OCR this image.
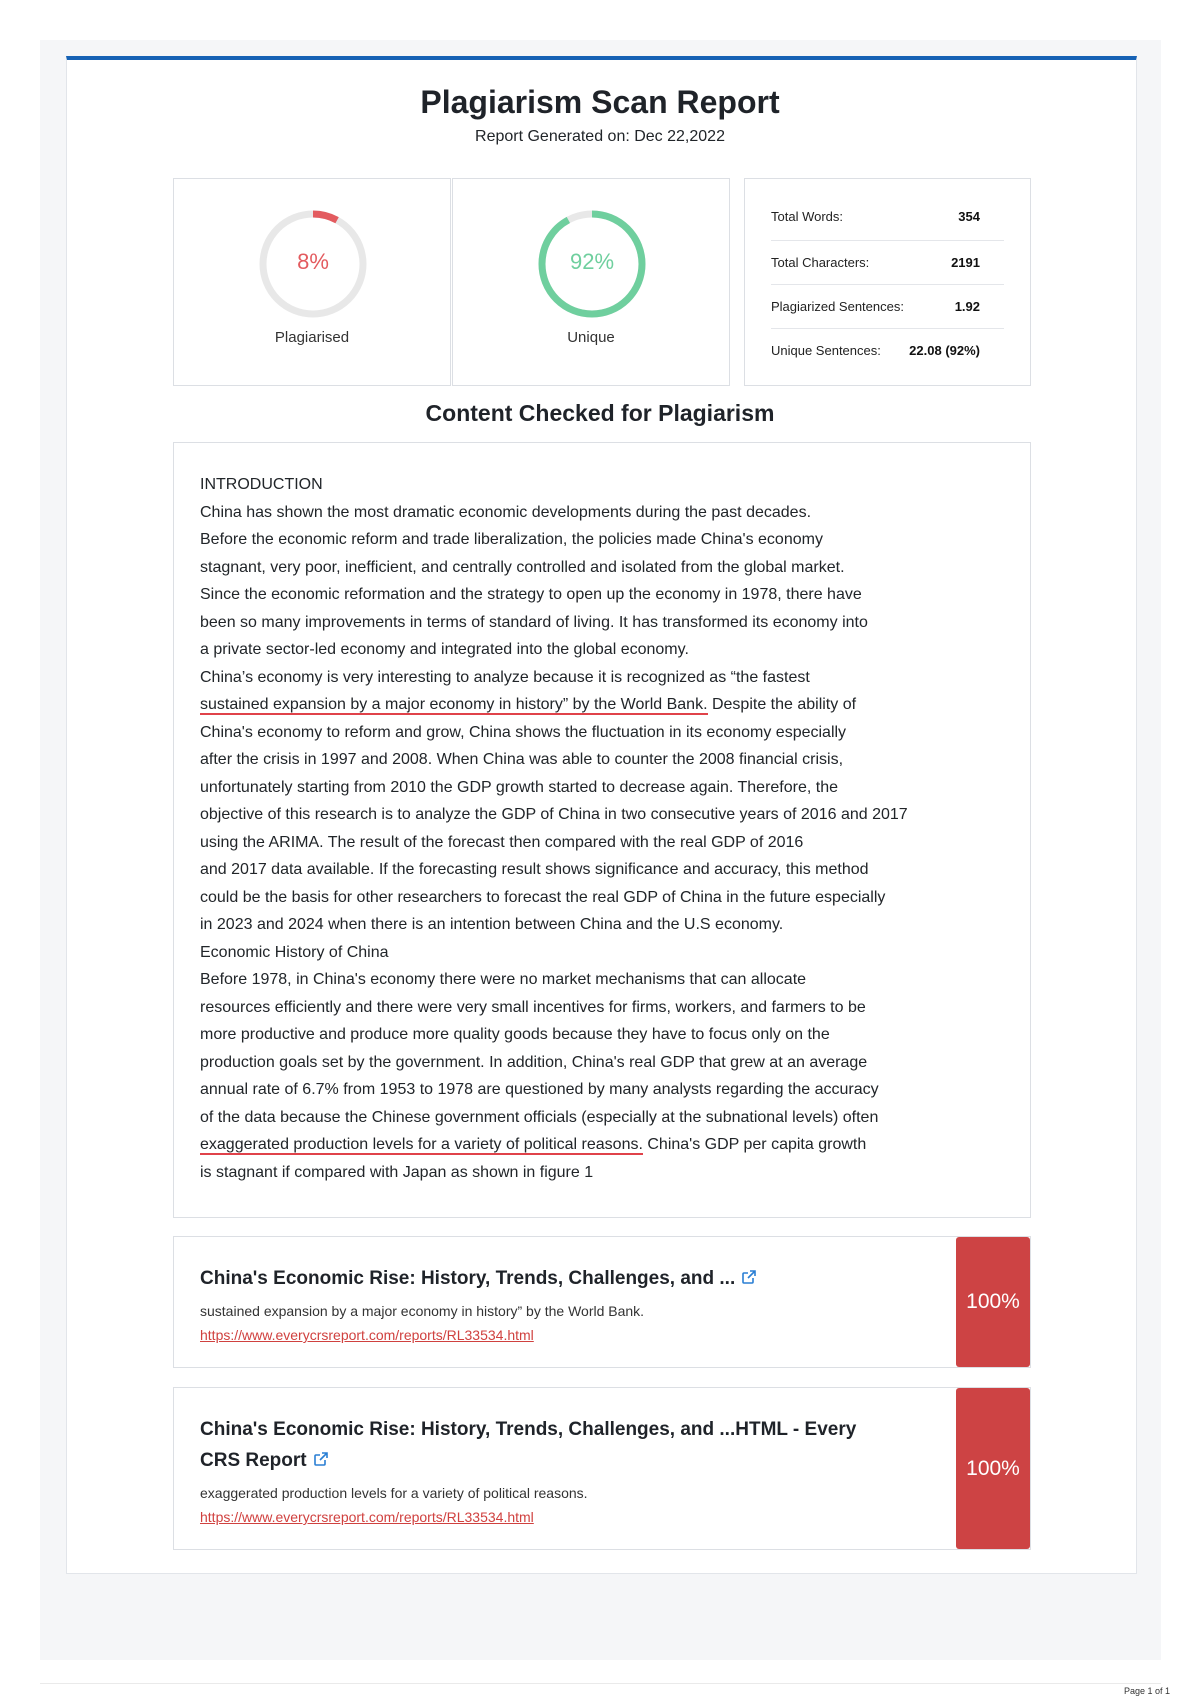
Plagiarism Scan Report
Report Generated on: Dec 22,2022
8%
Plagiarised
92%
Unique
Total Words:	354
Total Characters:	2191
Plagiarized Sentences:	1.92
Unique Sentences: 22.08 (92%)
Content Checked for Plagiarism

INTRODUCTION
China has shown the most dramatic economic developments during the past decades.
Before the economic reform and trade liberalization, the policies made China's economy
stagnant, very poor, inefficient, and centrally controlled and isolated from the global market.
Since the economic reformation and the strategy to open up the economy in 1978, there have
been so many improvements in terms of standard of living. It has transformed its economy into
a private sector-led economy and integrated into the global economy.
China’s economy is very interesting to analyze because it is recognized as “the fastest
sustained expansion by a major economy in history” by the World Bank. Despite the ability of
China's economy to reform and grow, China shows the fluctuation in its economy especially
after the crisis in 1997 and 2008. When China was able to counter the 2008 financial crisis,
unfortunately starting from 2010 the GDP growth started to decrease again. Therefore, the
objective of this research is to analyze the GDP of China in two consecutive years of 2016 and 2017
using the ARIMA. The result of the forecast then compared with the real GDP of 2016
and 2017 data available. If the forecasting result shows significance and accuracy, this method
could be the basis for other researchers to forecast the real GDP of China in the future especially
in 2023 and 2024 when there is an intention between China and the U.S economy.
Economic History of China
Before 1978, in China's economy there were no market mechanisms that can allocate
resources efficiently and there were very small incentives for firms, workers, and farmers to be
more productive and produce more quality goods because they have to focus only on the
production goals set by the government. In addition, China's real GDP that grew at an average
annual rate of 6.7% from 1953 to 1978 are questioned by many analysts regarding the accuracy
of the data because the Chinese government officials (especially at the subnational levels) often
exaggerated production levels for a variety of political reasons. China's GDP per capita growth
is stagnant if compared with Japan as shown in figure 1

China's Economic Rise: History, Trends, Challenges, and ...
sustained expansion by a major economy in history” by the World Bank.
https://www.everycrsreport.com/reports/RL33534.html
100%
China's Economic Rise: History, Trends, Challenges, and ...HTML - Every CRS Report
exaggerated production levels for a variety of political reasons.
https://www.everycrsreport.com/reports/RL33534.html
100%
Page 1 of 1
